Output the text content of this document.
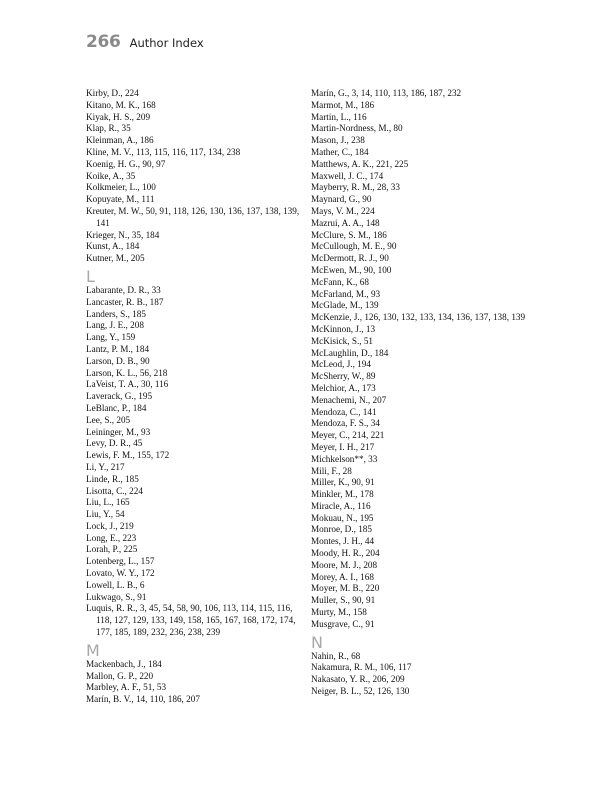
266 Author Index
Kirby, D., 224
Kitano, M. K., 168
Kiyak, H. S., 209
Klap, R., 35
Kleinman, A., 186
Kline, M. V., 113, 115, 116, 117, 134, 238
Koenig, H. G., 90, 97
Koike, A., 35
Kolkmeier, L., 100
Kopuyate, M., 111
Kreuter, M. W., 50, 91, 118, 126, 130, 136, 137, 138, 139, 141
Krieger, N., 35, 184
Kunst, A., 184
Kutner, M., 205
L
Labarante, D. R., 33
Lancaster, R. B., 187
Landers, S., 185
Lang, J. E., 208
Lang, Y., 159
Lantz, P. M., 184
Larson, D. B., 90
Larson, K. L., 56, 218
LaVeist, T. A., 30, 116
Laverack, G., 195
LeBlanc, P., 184
Lee, S., 205
Leininger, M., 93
Levy, D. R., 45
Lewis, F. M., 155, 172
Li, Y., 217
Linde, R., 185
Lisotta, C., 224
Liu, L., 165
Liu, Y., 54
Lock, J., 219
Long, E., 223
Lorah, P., 225
Lotenberg, L., 157
Lovato, W. Y., 172
Lowell, L. B., 6
Lukwago, S., 91
Luquis, R. R., 3, 45, 54, 58, 90, 106, 113, 114, 115, 116, 118, 127, 129, 133, 149, 158, 165, 167, 168, 172, 174, 177, 185, 189, 232, 236, 238, 239
M
Mackenbach, J., 184
Mallon, G. P., 220
Marbley, A. F., 51, 53
Marín, B. V., 14, 110, 186, 207
Marín, G., 3, 14, 110, 113, 186, 187, 232
Marmot, M., 186
Martin, L., 116
Martin-Nordness, M., 80
Mason, J., 238
Mather, C., 184
Matthews, A. K., 221, 225
Maxwell, J. C., 174
Mayberry, R. M., 28, 33
Maynard, G., 90
Mays, V. M., 224
Mazrui, A. A., 148
McClure, S. M., 186
McCullough, M. E., 90
McDermott, R. J., 90
McEwen, M., 90, 100
McFann, K., 68
McFarland, M., 93
McGlade, M., 139
McKenzie, J., 126, 130, 132, 133, 134, 136, 137, 138, 139
McKinnon, J., 13
McKisick, S., 51
McLaughlin, D., 184
McLeod, J., 194
McSherry, W., 89
Melchior, A., 173
Menachemi, N., 207
Mendoza, C., 141
Mendoza, F. S., 34
Meyer, C., 214, 221
Meyer, I. H., 217
Michkelson**, 33
Mili, F., 28
Miller, K., 90, 91
Minkler, M., 178
Miracle, A., 116
Mokuau, N., 195
Monroe, D., 185
Montes, J. H., 44
Moody, H. R., 204
Moore, M. J., 208
Morey, A. I., 168
Moyer, M. B., 220
Muller, S., 90, 91
Murty, M., 158
Musgrave, C., 91
N
Nahin, R., 68
Nakamura, R. M., 106, 117
Nakasato, Y. R., 206, 209
Neiger, B. L., 52, 126, 130
